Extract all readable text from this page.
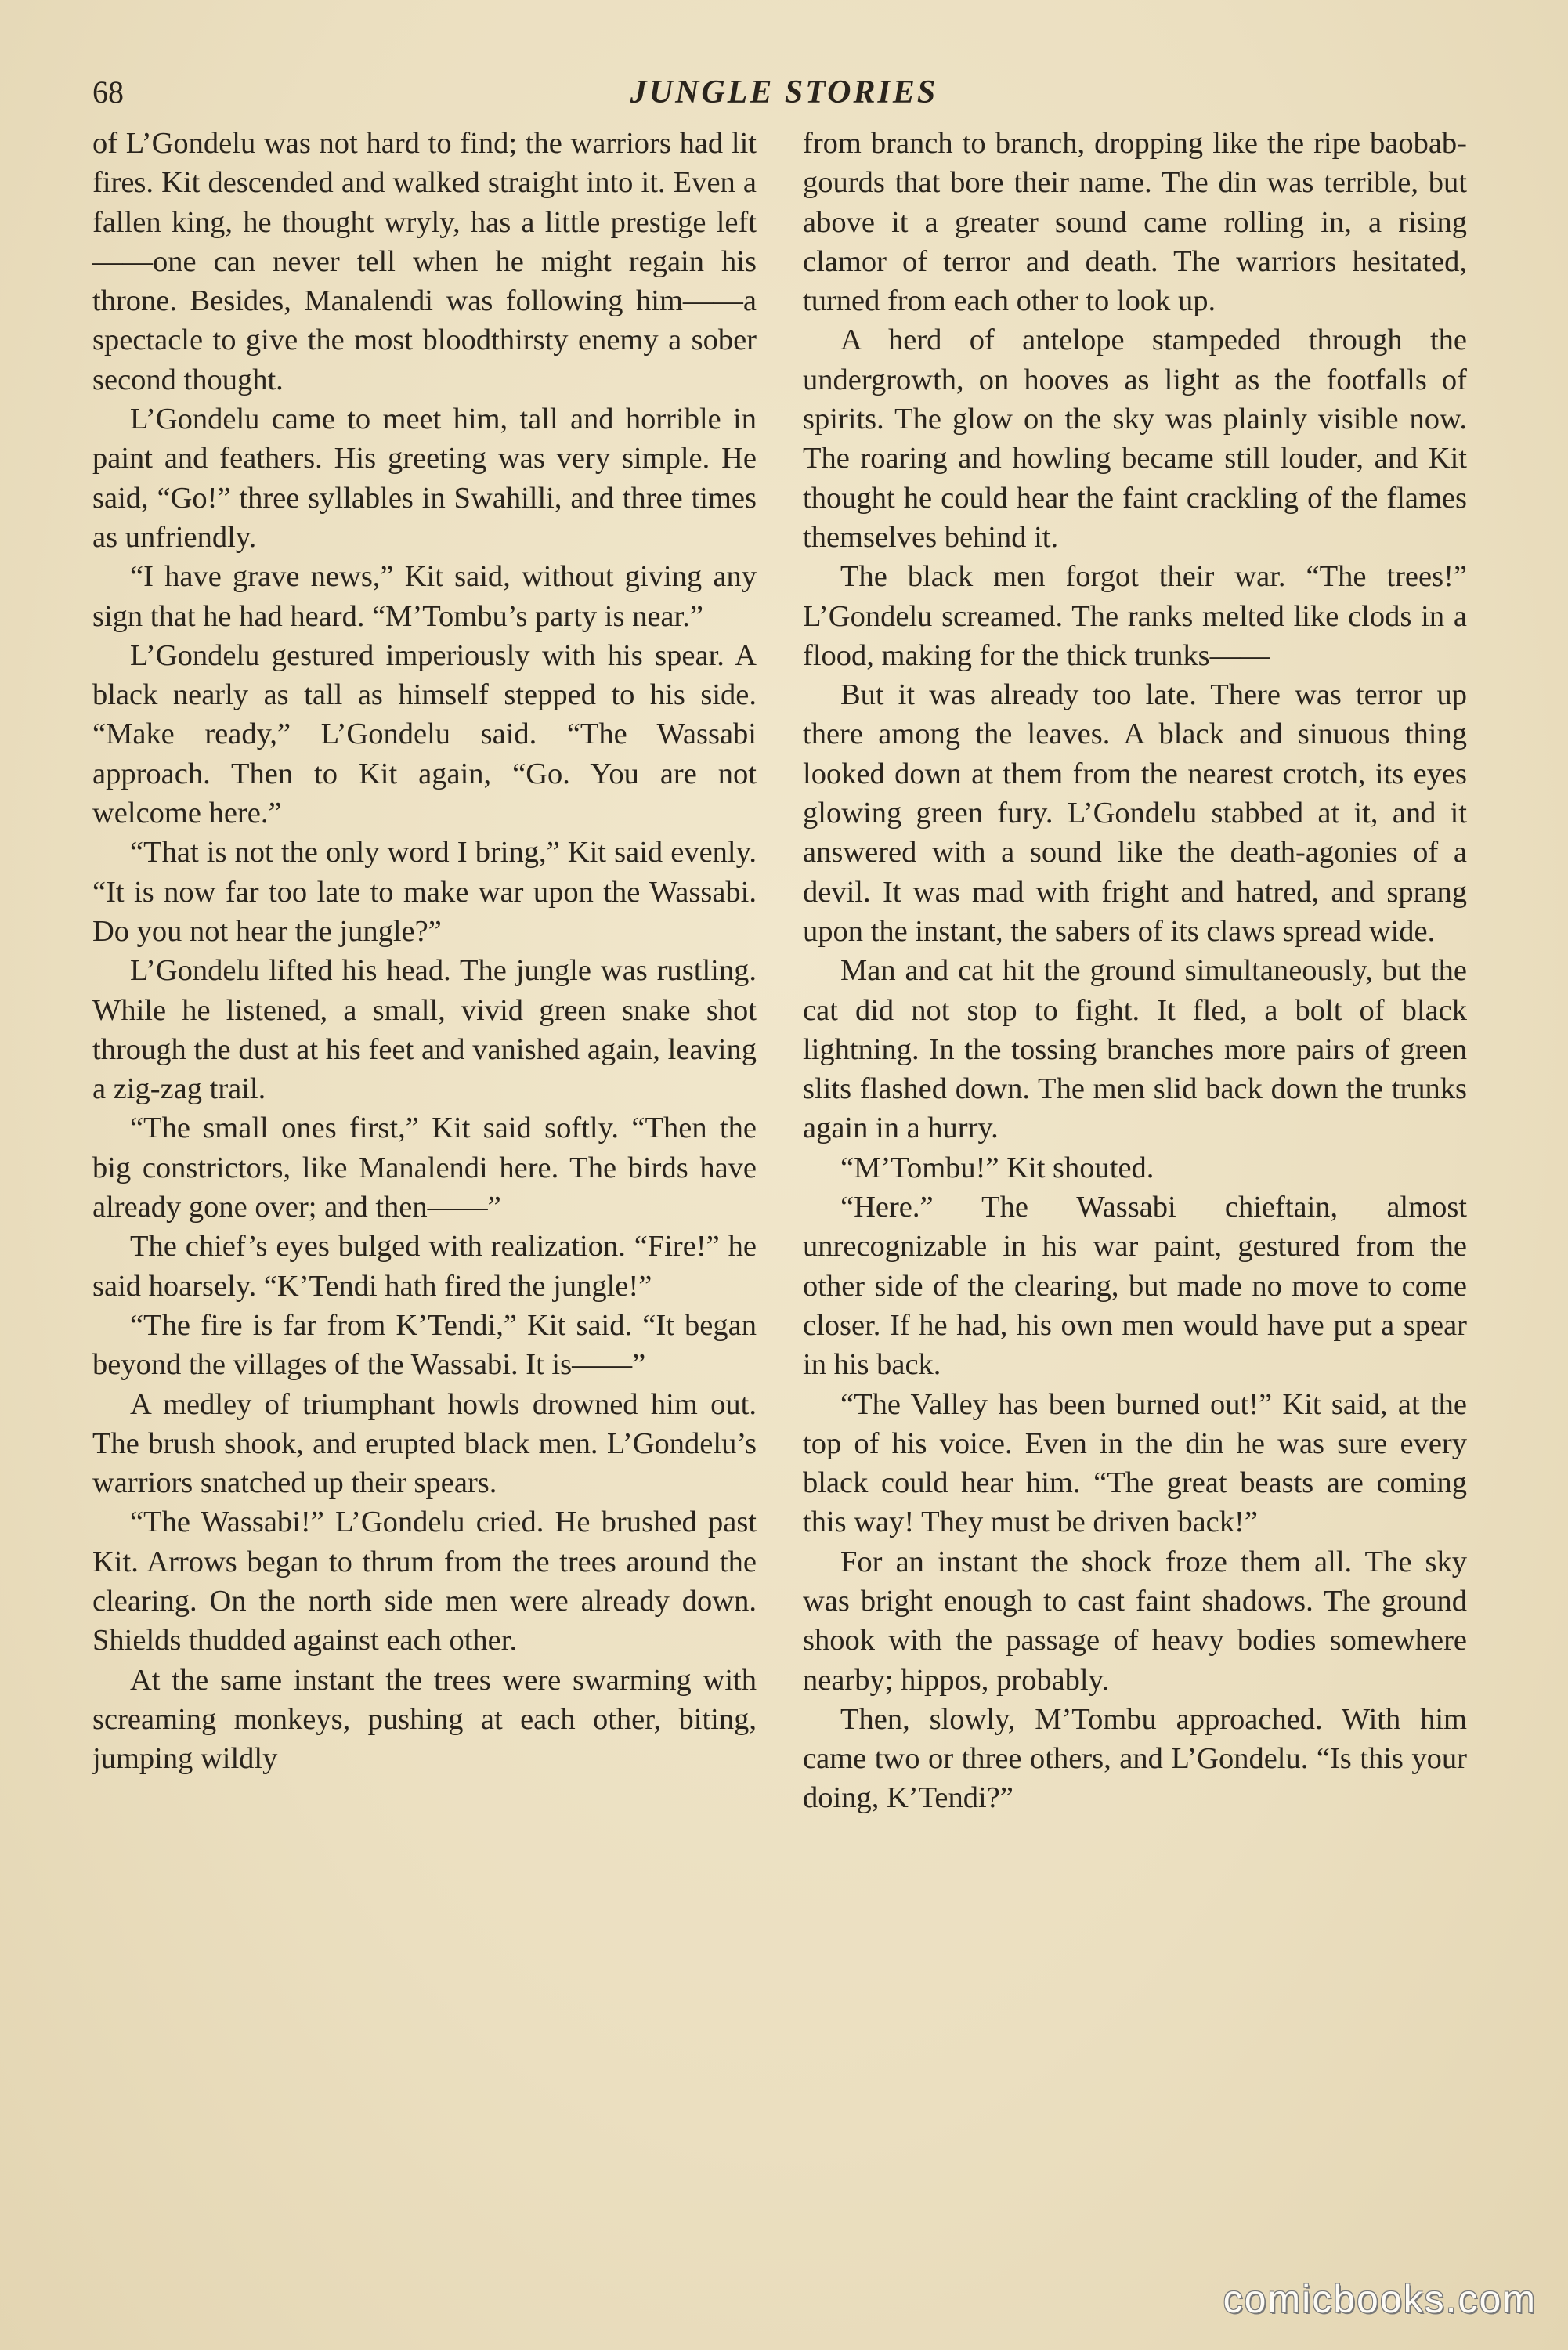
68	JUNGLE STORIES

of L’Gondelu was not hard to find; the warriors had lit fires. Kit descended and walked straight into it. Even a fallen king, he thought wryly, has a little prestige left ——one can never tell when he might regain his throne. Besides, Manalendi was following him——a spectacle to give the most bloodthirsty enemy a sober second thought.

L’Gondelu came to meet him, tall and horrible in paint and feathers. His greeting was very simple. He said, “Go!” three syllables in Swahilli, and three times as unfriendly.

“I have grave news,” Kit said, without giving any sign that he had heard. “M’Tombu’s party is near.”

L’Gondelu gestured imperiously with his spear. A black nearly as tall as himself stepped to his side. “Make ready,” L’Gondelu said. “The Wassabi approach. Then to Kit again, “Go. You are not welcome here.”

“That is not the only word I bring,” Kit said evenly. “It is now far too late to make war upon the Wassabi. Do you not hear the jungle?”

L’Gondelu lifted his head. The jungle was rustling. While he listened, a small, vivid green snake shot through the dust at his feet and vanished again, leaving a zig-zag trail.

“The small ones first,” Kit said softly. “Then the big constrictors, like Manalendi here. The birds have already gone over; and then——”

The chief’s eyes bulged with realization. “Fire!” he said hoarsely. “K’Tendi hath fired the jungle!”

“The fire is far from K’Tendi,” Kit said. “It began beyond the villages of the Wassabi. It is——”

A medley of triumphant howls drowned him out. The brush shook, and erupted black men. L’Gondelu’s warriors snatched up their spears.

“The Wassabi!” L’Gondelu cried. He brushed past Kit. Arrows began to thrum from the trees around the clearing. On the north side men were already down. Shields thudded against each other.

At the same instant the trees were swarming with screaming monkeys, pushing at each other, biting, jumping wildly

from branch to branch, dropping like the ripe baobab-gourds that bore their name. The din was terrible, but above it a greater sound came rolling in, a rising clamor of terror and death. The warriors hesitated, turned from each other to look up.

A herd of antelope stampeded through the undergrowth, on hooves as light as the footfalls of spirits. The glow on the sky was plainly visible now. The roaring and howling became still louder, and Kit thought he could hear the faint crackling of the flames themselves behind it.

The black men forgot their war. “The trees!” L’Gondelu screamed. The ranks melted like clods in a flood, making for the thick trunks——

But it was already too late. There was terror up there among the leaves. A black and sinuous thing looked down at them from the nearest crotch, its eyes glowing green fury. L’Gondelu stabbed at it, and it answered with a sound like the death-agonies of a devil. It was mad with fright and hatred, and sprang upon the instant, the sabers of its claws spread wide.

Man and cat hit the ground simultaneously, but the cat did not stop to fight. It fled, a bolt of black lightning. In the tossing branches more pairs of green slits flashed down. The men slid back down the trunks again in a hurry.

“M’Tombu!” Kit shouted.

“Here.” The Wassabi chieftain, almost unrecognizable in his war paint, gestured from the other side of the clearing, but made no move to come closer. If he had, his own men would have put a spear in his back.

“The Valley has been burned out!” Kit said, at the top of his voice. Even in the din he was sure every black could hear him. “The great beasts are coming this way! They must be driven back!”

For an instant the shock froze them all. The sky was bright enough to cast faint shadows. The ground shook with the passage of heavy bodies somewhere nearby; hippos, probably.

Then, slowly, M’Tombu approached. With him came two or three others, and L’Gondelu. “Is this your doing, K’Tendi?”

comicbooks.com
